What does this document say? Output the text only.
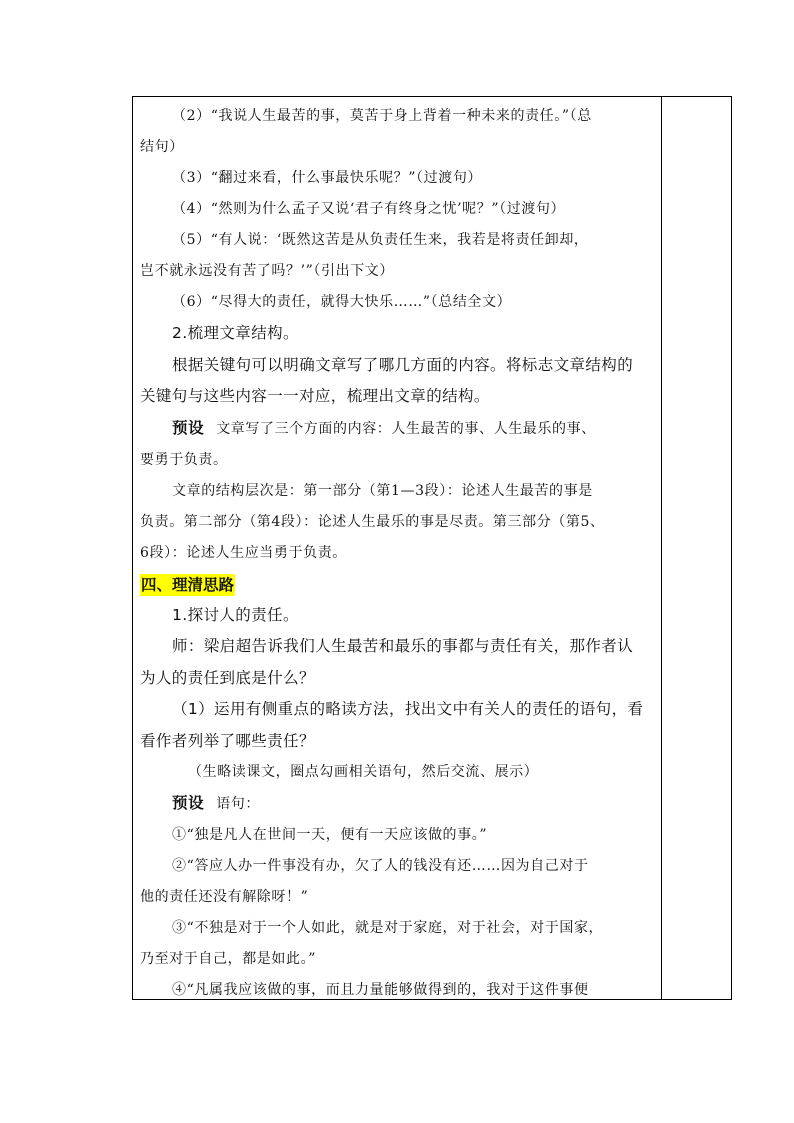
（2）“我说人生最苦的事，莫苦于身上背着一种未来的责任。”（总

结句）

（3）“翻过来看，什么事最快乐呢？”（过渡句）

（4）“然则为什么孟子又说‘君子有终身之忧’呢？”（过渡句）

（5）“有人说：‘既然这苦是从负责任生来，我若是将责任卸却，

岂不就永远没有苦了吗？’”（引出下文）

（6）“尽得大的责任，就得大快乐……”（总结全文）

2.梳理文章结构。

根据关键句可以明确文章写了哪几方面的内容。将标志文章结构的

关键句与这些内容一一对应，梳理出文章的结构。

预设 文章写了三个方面的内容：人生最苦的事、人生最乐的事、

要勇于负责。

文章的结构层次是：第一部分（第1—3段）：论述人生最苦的事是

负责。第二部分（第4段）：论述人生最乐的事是尽责。第三部分（第5、

6段）：论述人生应当勇于负责。

四、理清思路

1.探讨人的责任。

师：梁启超告诉我们人生最苦和最乐的事都与责任有关，那作者认

为人的责任到底是什么？

（1）运用有侧重点的略读方法，找出文中有关人的责任的语句，看

看作者列举了哪些责任？

（生略读课文，圈点勾画相关语句，然后交流、展示）

预设 语句：

①“独是凡人在世间一天，便有一天应该做的事。”

②“答应人办一件事没有办，欠了人的钱没有还……因为自己对于

他的责任还没有解除呀！”

③“不独是对于一个人如此，就是对于家庭，对于社会，对于国家，

乃至对于自己，都是如此。”

④“凡属我应该做的事，而且力量能够做得到的，我对于这件事便
